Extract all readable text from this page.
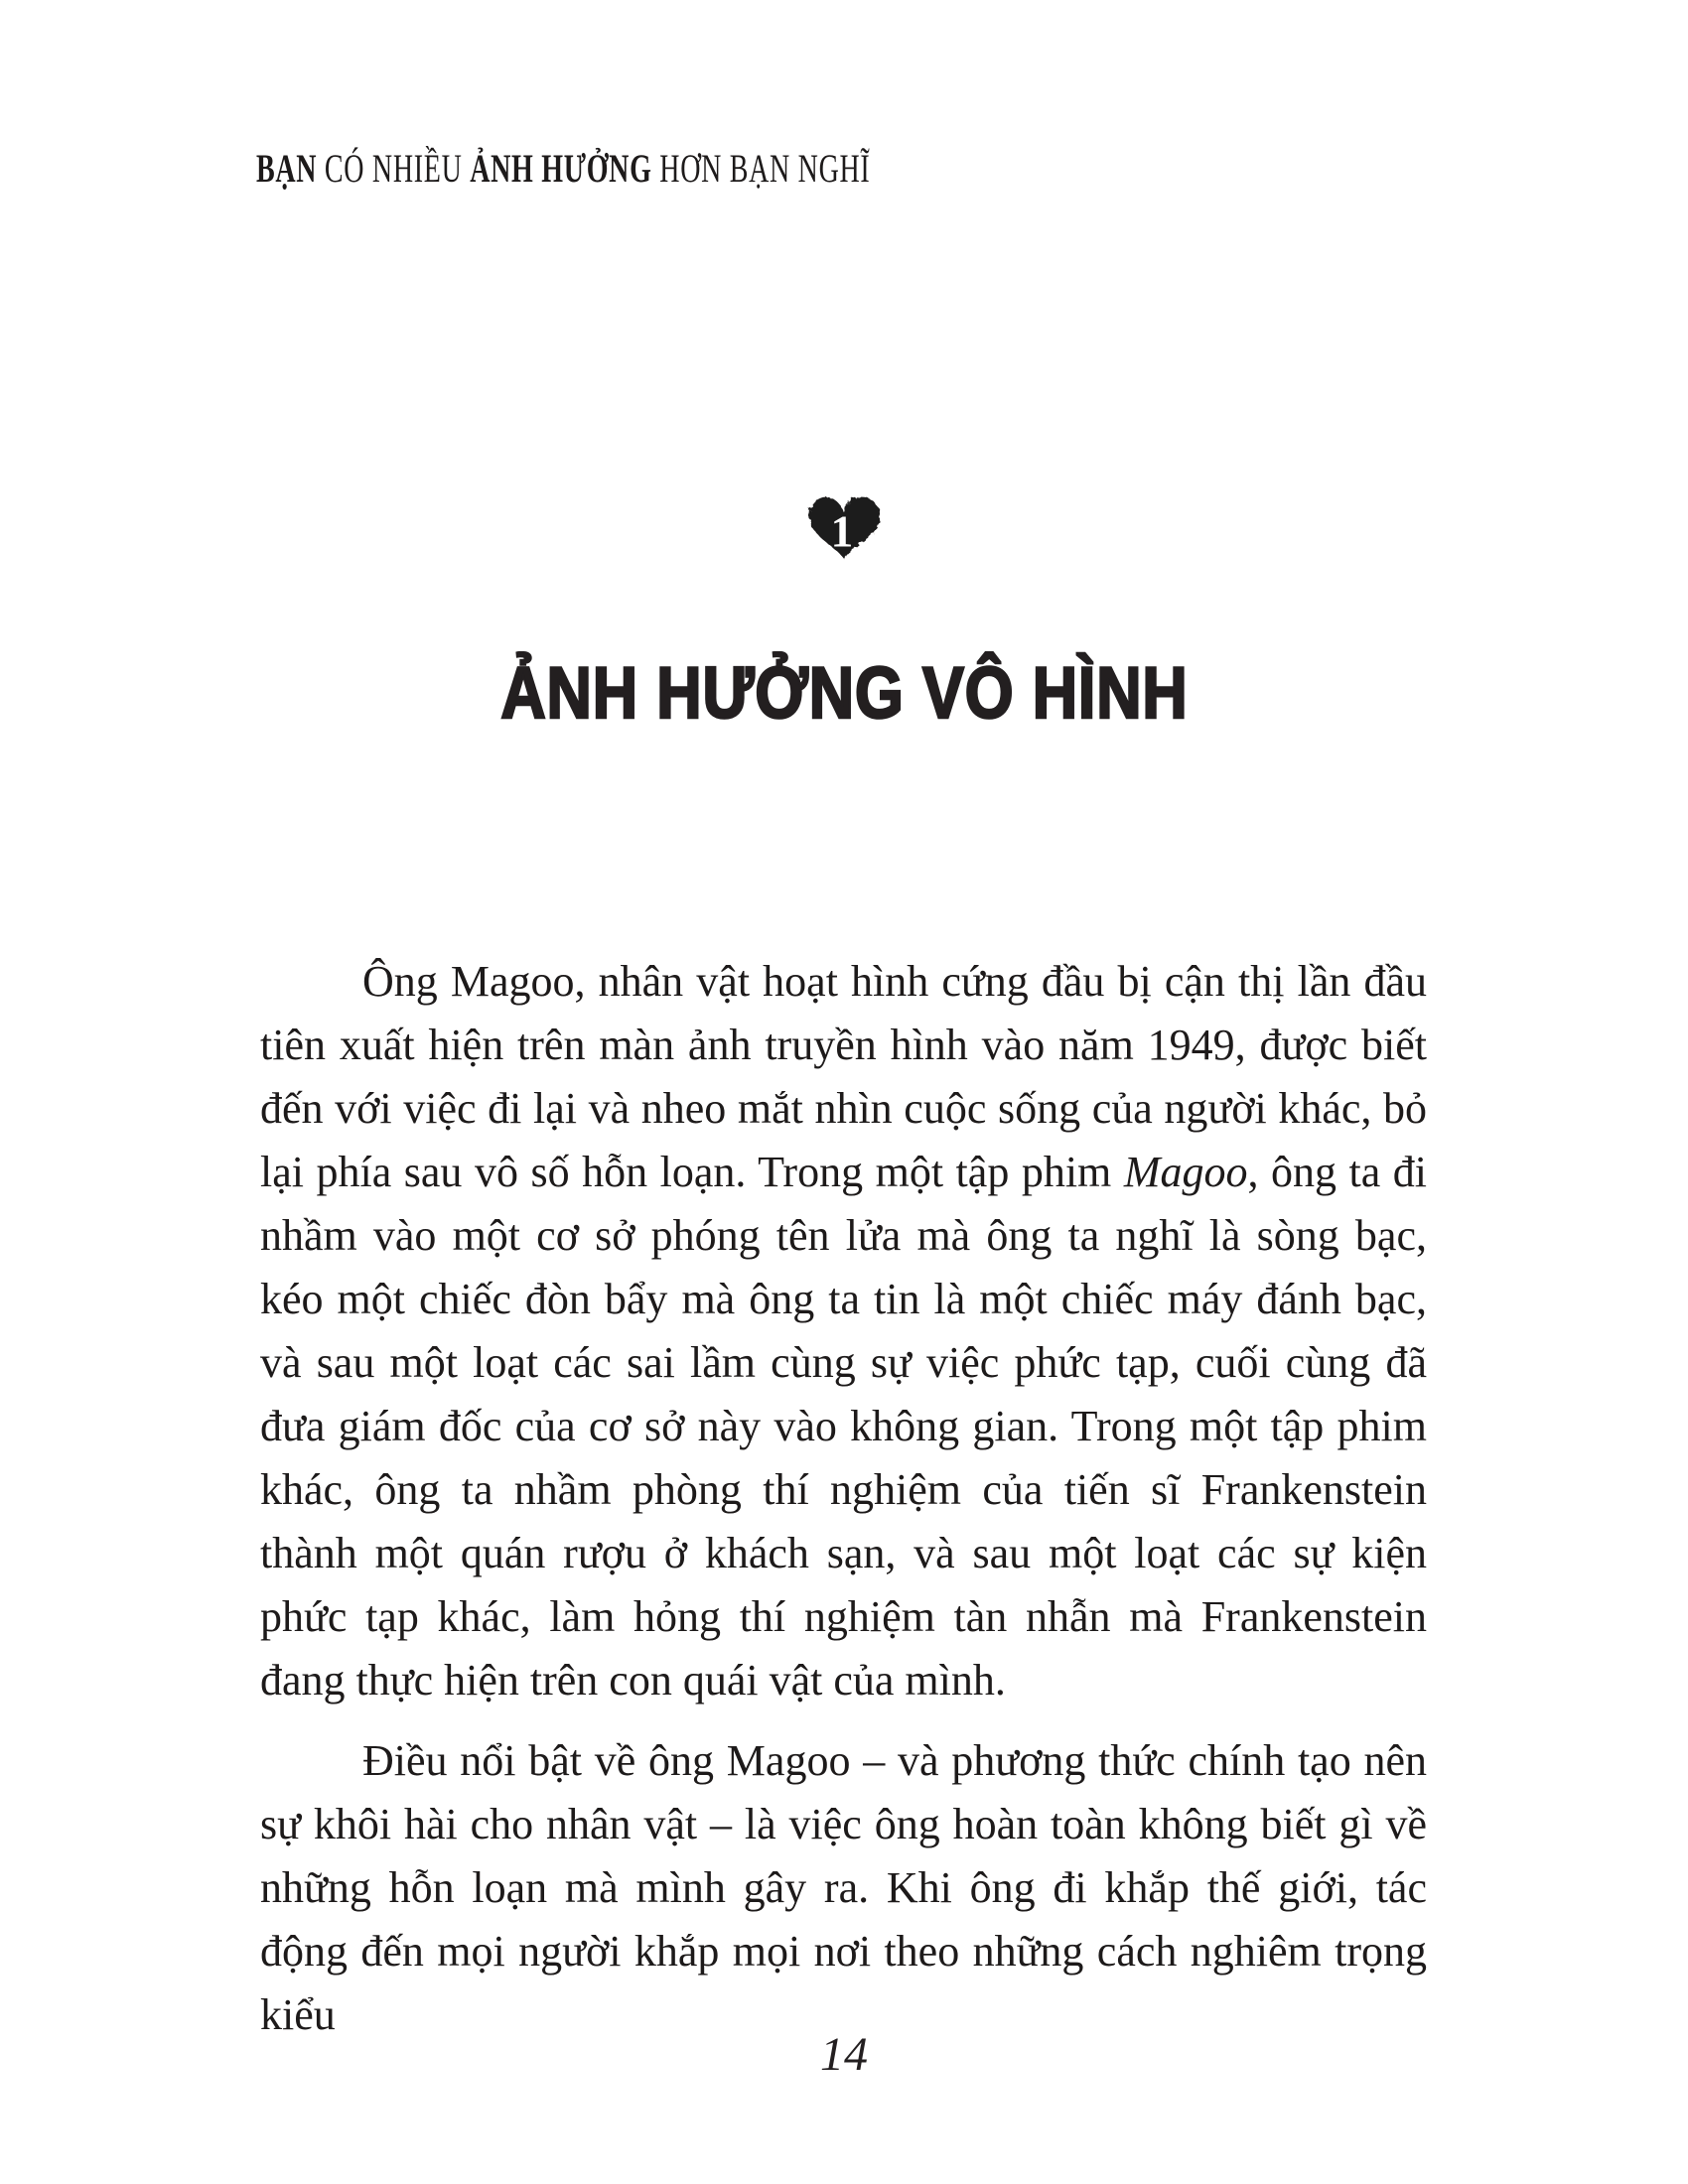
BẠN CÓ NHIỀU ẢNH HƯỞNG HƠN BẠN NGHĨ
1
ẢNH HƯỞNG VÔ HÌNH

Ông Magoo, nhân vật hoạt hình cứng đầu bị cận thị lần đầu tiên xuất hiện trên màn ảnh truyền hình vào năm 1949, được biết đến với việc đi lại và nheo mắt nhìn cuộc sống của người khác, bỏ lại phía sau vô số hỗn loạn. Trong một tập phim Magoo, ông ta đi nhầm vào một cơ sở phóng tên lửa mà ông ta nghĩ là sòng bạc, kéo một chiếc đòn bẩy mà ông ta tin là một chiếc máy đánh bạc, và sau một loạt các sai lầm cùng sự việc phức tạp, cuối cùng đã đưa giám đốc của cơ sở này vào không gian. Trong một tập phim khác, ông ta nhầm phòng thí nghiệm của tiến sĩ Frankenstein thành một quán rượu ở khách sạn, và sau một loạt các sự kiện phức tạp khác, làm hỏng thí nghiệm tàn nhẫn mà Frankenstein đang thực hiện trên con quái vật của mình.

Điều nổi bật về ông Magoo – và phương thức chính tạo nên sự khôi hài cho nhân vật – là việc ông hoàn toàn không biết gì về những hỗn loạn mà mình gây ra. Khi ông đi khắp thế giới, tác động đến mọi người khắp mọi nơi theo những cách nghiêm trọng kiểu

14
